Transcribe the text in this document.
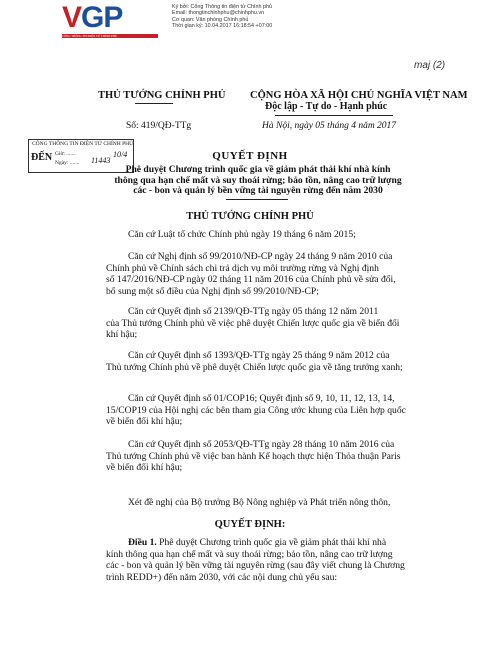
VGP
CỔNG THÔNG TIN ĐIỆN TỬ CHÍNH PHỦ
Ký bởi: Cổng Thông tin điện tử Chính phủ
Email: thongtinchinhphu@chinhphu.vn
Cơ quan: Văn phòng Chính phủ
Thời gian ký: 10.04.2017 16:18:54 +07:00
maj (2)
THỦ TƯỚNG CHÍNH PHỦ CỘNG HÒA XÃ HỘI CHỦ NGHĨA VIỆT NAM
Độc lập - Tự do - Hạnh phúc
Số: 419/QĐ-TTg	Hà Nội, ngày 05 tháng 4 năm 2017
CÔNG THÔNG TIN ĐIỆN TỬ CHÍNH PHỦ
ĐẾN Giờ: .......
Ngày: ....... 11443
10/4	QUYẾT ĐỊNH
Phê duyệt Chương trình quốc gia về giảm phát thải khí nhà kính
thông qua hạn chế mất và suy thoái rừng; bảo tồn, nâng cao trữ lượng
các - bon và quản lý bền vững tài nguyên rừng đến năm 2030
THỦ TƯỚNG CHÍNH PHỦ
Căn cứ Luật tổ chức Chính phủ ngày 19 tháng 6 năm 2015;
Căn cứ Nghị định số 99/2010/NĐ-CP ngày 24 tháng 9 năm 2010 của
Chính phủ về Chính sách chi trả dịch vụ môi trường rừng và Nghị định
số 147/2016/NĐ-CP ngày 02 tháng 11 năm 2016 của Chính phủ về sửa đổi,
bổ sung một số điều của Nghị định số 99/2010/NĐ-CP;
Căn cứ Quyết định số 2139/QĐ-TTg ngày 05 tháng 12 năm 2011
của Thủ tướng Chính phủ về việc phê duyệt Chiến lược quốc gia về biến đổi
khí hậu;
Căn cứ Quyết định số 1393/QĐ-TTg ngày 25 tháng 9 năm 2012 của
Thủ tướng Chính phủ về phê duyệt Chiến lược quốc gia về tăng trưởng xanh;
Căn cứ Quyết định số 01/COP16; Quyết định số 9, 10, 11, 12, 13, 14,
15/COP19 của Hội nghị các bên tham gia Công ước khung của Liên hợp quốc
về biến đổi khí hậu;
Căn cứ Quyết định số 2053/QĐ-TTg ngày 28 tháng 10 năm 2016 của
Thủ tướng Chính phủ về việc ban hành Kế hoạch thực hiện Thỏa thuận Paris
về biến đổi khí hậu;
Xét đề nghị của Bộ trưởng Bộ Nông nghiệp và Phát triển nông thôn,
QUYẾT ĐỊNH:
Điều 1. Phê duyệt Chương trình quốc gia về giảm phát thải khí nhà
kính thông qua hạn chế mất và suy thoái rừng; bảo tồn, nâng cao trữ lượng
các - bon và quản lý bền vững tài nguyên rừng (sau đây viết chung là Chương
trình REDD+) đến năm 2030, với các nội dung chủ yếu sau:
